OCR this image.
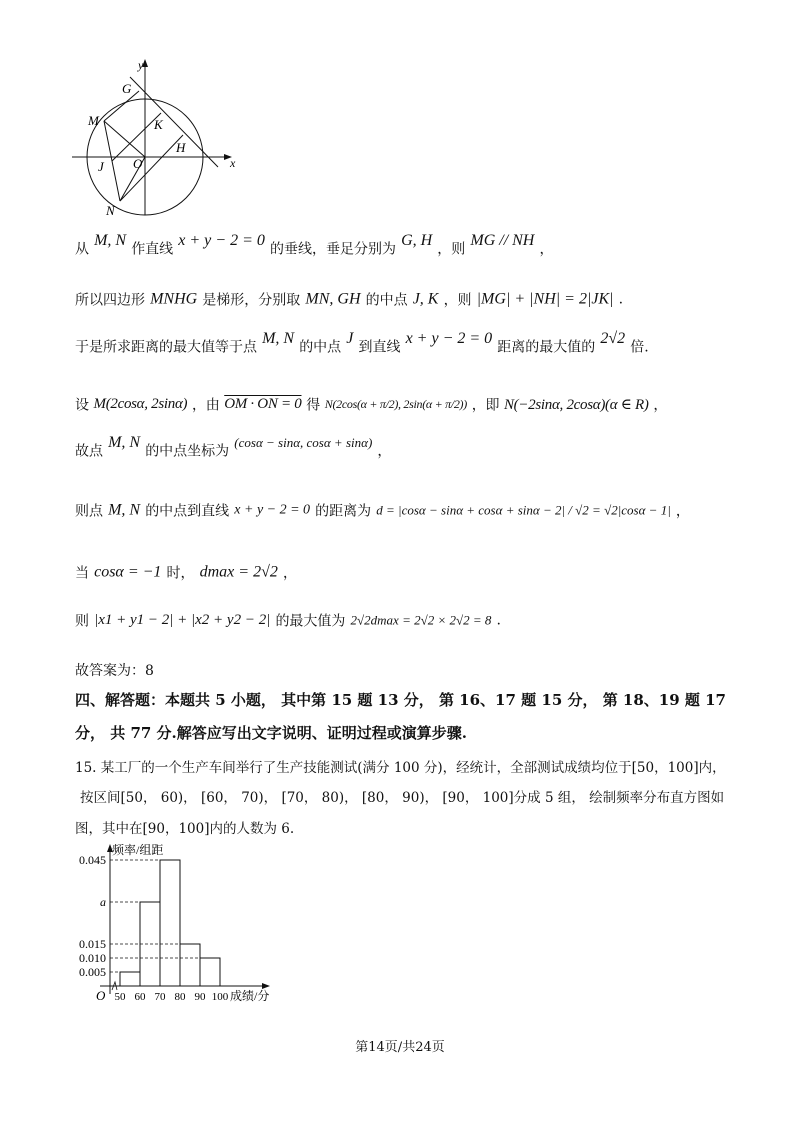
y
x
G
M	K
O
H
J
N
从 M, N 作直线 x + y − 2 = 0 的垂线，垂足分别为 G, H ，则 MG // NH ，
所以四边形 MNHG 是梯形，分别取 MN, GH 的中点 J, K ，则 |MG| + |NH| = 2|JK| .
于是所求距离的最大值等于点 M, N 的中点 J 到直线 x + y − 2 = 0 距离的最大值的 2√2 倍.
设 M(2cosα, 2sinα) ，由 OM · ON = 0 得 N(2cos(α + π/2), 2sin(α + π/2)) ，即 N(−2sinα, 2cosα)(α ∈ R) ，
故点 M, N 的中点坐标为 $^{(cos\alpha - sin\alpha, cos\alpha + sin\alpha)}$ ，
则点 M, N 的中点到直线 x + y − 2 = 0 的距离为 d = |cosα − sinα + cosα + sinα − 2| / √2 = √2|cosα − 1| ，
当 cosα = −1 时， dmax = 2√2 ，
则 |x1 + y1 − 2| + |x2 + y2 − 2| 的最大值为 2√2dmax = 2√2 × 2√2 = 8 .
故答案为：8
四、解答题：本题共 5 小题， 其中第 15 题 13 分， 第 16、17 题 15 分， 第 18、19 题 17
分， 共 77 分.解答应写出文字说明、证明过程或演算步骤.
15. 某工厂的一个生产车间举行了生产技能测试(满分 100 分)，经统计，全部测试成绩均位于[50，100]内，
按区间[50， 60)， [60， 70)， [70， 80)， [80， 90)， [90， 100]分成 5 组， 绘制频率分布直方图如
图，其中在[90，100]内的人数为 6.
频率/组距
成绩/分
O
0.045
a
0.015
0.010
0.005
50 60 70 80 90 100
第14页/共24页
